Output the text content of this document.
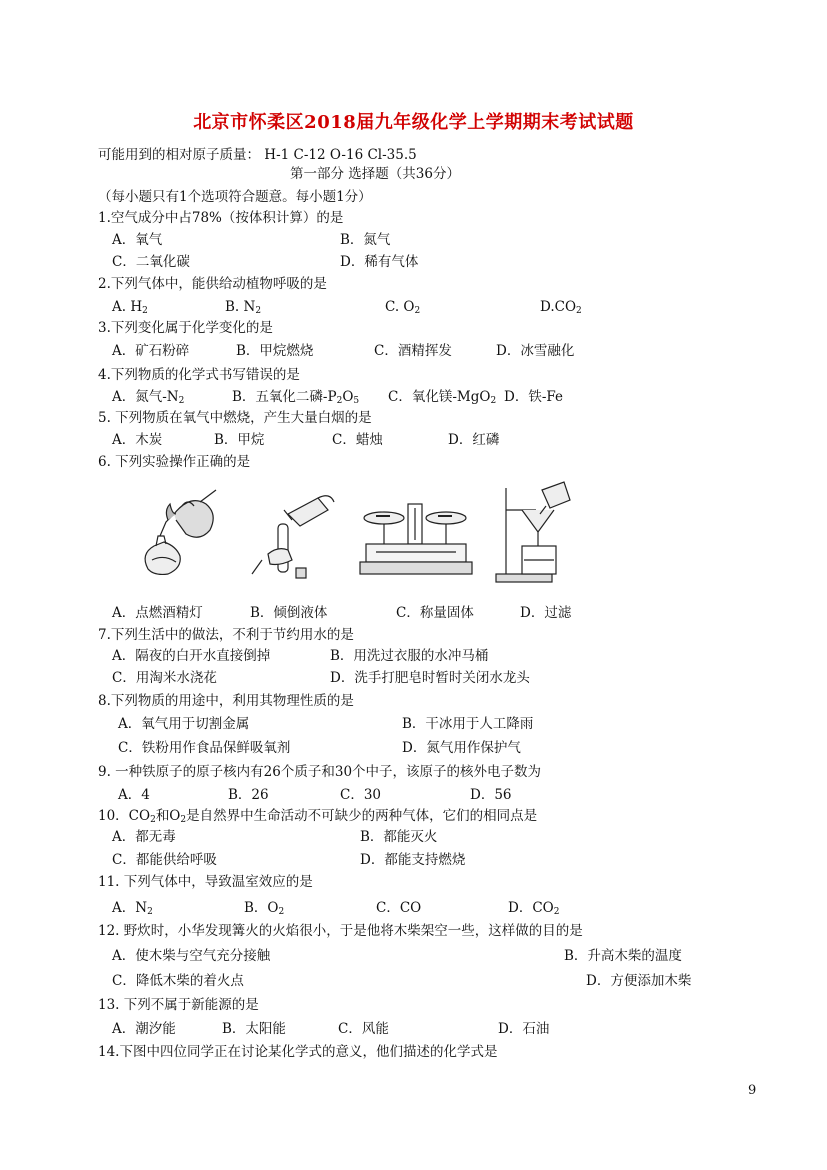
北京市怀柔区2018届九年级化学上学期期末考试试题
可能用到的相对原子质量： H-1 C-12 O-16 Cl-35.5
第一部分 选择题（共36分）
（每小题只有1个选项符合题意。每小题1分）
1.空气成分中占78%（按体积计算）的是
A．氧气	B．氮气
C．二氧化碳	D．稀有气体
2.下列气体中，能供给动植物呼吸的是
A. $H_2$	B. $N_2$	C. $O_2$	$D.CO_2$
3.下列变化属于化学变化的是
A．矿石粉碎	B．甲烷燃烧	C．酒精挥发	D．冰雪融化
4.下列物质的化学式书写错误的是
A．氮气$-N_2$	B．五氧化二磷$-P_2O_5$ C．氧化镁-MgO$_2$ D．铁-Fe
5. 下列物质在氧气中燃烧，产生大量白烟的是
A．木炭	B．甲烷	C．蜡烛	D．红磷
6. 下列实验操作正确的是
A．点燃酒精灯	B．倾倒液体	C．称量固体	D．过滤
7.下列生活中的做法，不利于节约用水的是
A．隔夜的白开水直接倒掉	B．用洗过衣服的水冲马桶
C．用淘米水浇花	D．洗手打肥皂时暂时关闭水龙头
8.下列物质的用途中，利用其物理性质的是
A．氧气用于切割金属	B．干冰用于人工降雨
C．铁粉用作食品保鲜吸氧剂	D．氮气用作保护气
9. 一种铁原子的原子核内有26个质子和30个中子，该原子的核外电子数为
A．4	B．26	C．30	D．56
10．$CO_2$和$O_2$是自然界中生命活动不可缺少的两种气体，它们的相同点是
A．都无毒	B．都能灭火
C．都能供给呼吸	D．都能支持燃烧
11. 下列气体中，导致温室效应的是
A．$N_2$	B．$O_2$	C．CO	D．$CO_2$
12. 野炊时，小华发现篝火的火焰很小，于是他将木柴架空一些，这样做的目的是
A．使木柴与空气充分接触	B．升高木柴的温度
C．降低木柴的着火点	D．方便添加木柴
13. 下列不属于新能源的是
A．潮汐能	B．太阳能	C．风能	D．石油
14.下图中四位同学正在讨论某化学式的意义，他们描述的化学式是
9
